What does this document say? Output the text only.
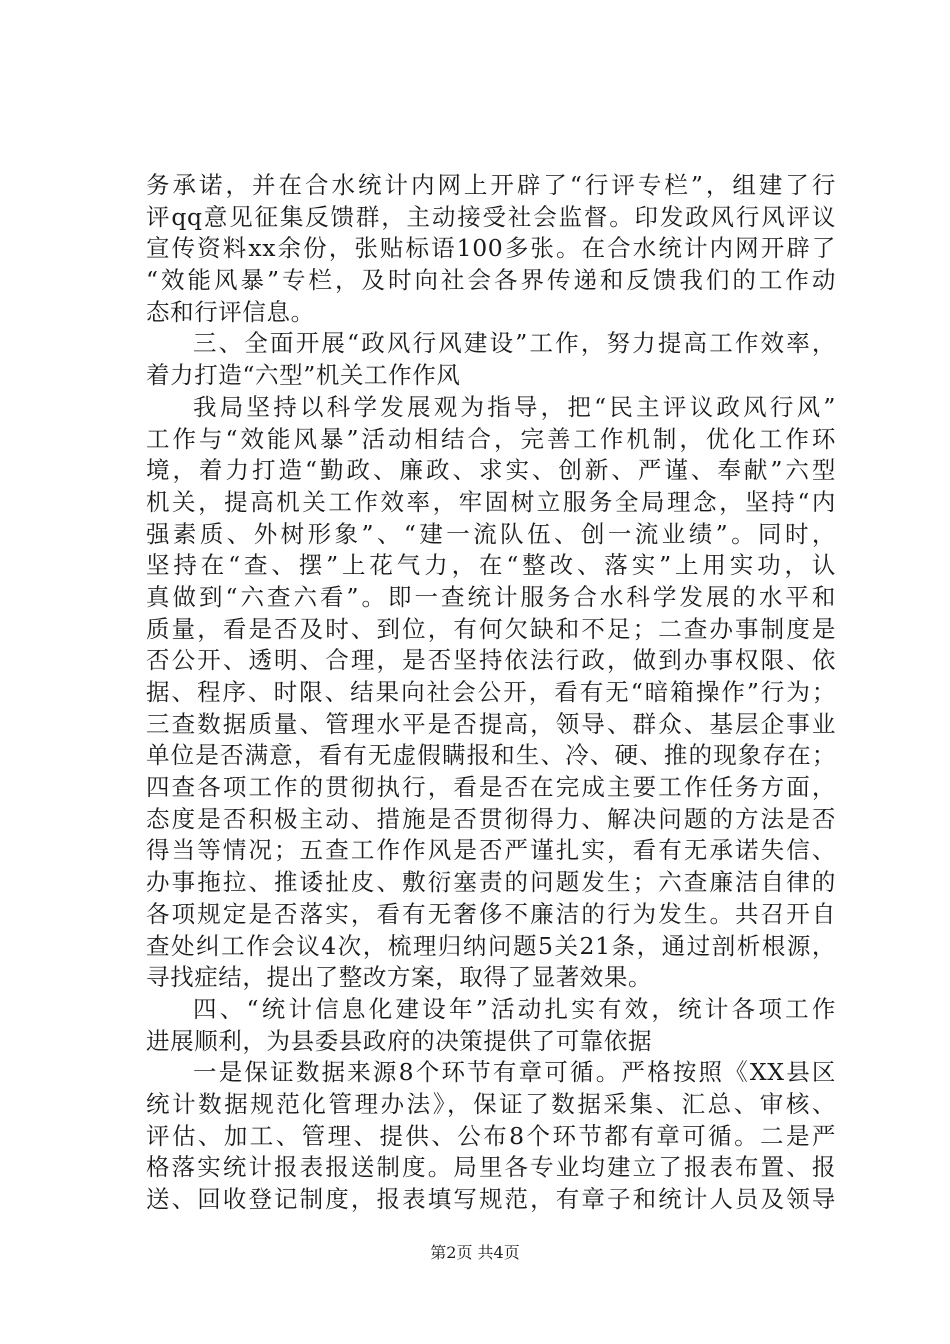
务承诺，并在合水统计内网上开辟了“行评专栏”，组建了行
评qq意见征集反馈群，主动接受社会监督。印发政风行风评议
宣传资料xx余份，张贴标语100多张。在合水统计内网开辟了
“效能风暴”专栏，及时向社会各界传递和反馈我们的工作动
态和行评信息。
三、全面开展“政风行风建设”工作，努力提高工作效率，
着力打造“六型”机关工作作风
我局坚持以科学发展观为指导，把“民主评议政风行风”
工作与“效能风暴”活动相结合，完善工作机制，优化工作环
境，着力打造“勤政、廉政、求实、创新、严谨、奉献”六型
机关，提高机关工作效率，牢固树立服务全局理念，坚持“内
强素质、外树形象”、“建一流队伍、创一流业绩”。同时，
坚持在“查、摆”上花气力，在“整改、落实”上用实功，认
真做到“六查六看”。即一查统计服务合水科学发展的水平和
质量，看是否及时、到位，有何欠缺和不足；二查办事制度是
否公开、透明、合理，是否坚持依法行政，做到办事权限、依
据、程序、时限、结果向社会公开，看有无“暗箱操作”行为；
三查数据质量、管理水平是否提高，领导、群众、基层企事业
单位是否满意，看有无虚假瞒报和生、冷、硬、推的现象存在；
四查各项工作的贯彻执行，看是否在完成主要工作任务方面，
态度是否积极主动、措施是否贯彻得力、解决问题的方法是否
得当等情况；五查工作作风是否严谨扎实，看有无承诺失信、
办事拖拉、推诿扯皮、敷衍塞责的问题发生；六查廉洁自律的
各项规定是否落实，看有无奢侈不廉洁的行为发生。共召开自
查处纠工作会议4次，梳理归纳问题5关21条，通过剖析根源，
寻找症结，提出了整改方案，取得了显著效果。
四、“统计信息化建设年”活动扎实有效，统计各项工作
进展顺利，为县委县政府的决策提供了可靠依据
一是保证数据来源8个环节有章可循。严格按照《XX县区
统计数据规范化管理办法》，保证了数据采集、汇总、审核、
评估、加工、管理、提供、公布8个环节都有章可循。二是严
格落实统计报表报送制度。局里各专业均建立了报表布置、报
送、回收登记制度，报表填写规范，有章子和统计人员及领导
第2页 共4页
